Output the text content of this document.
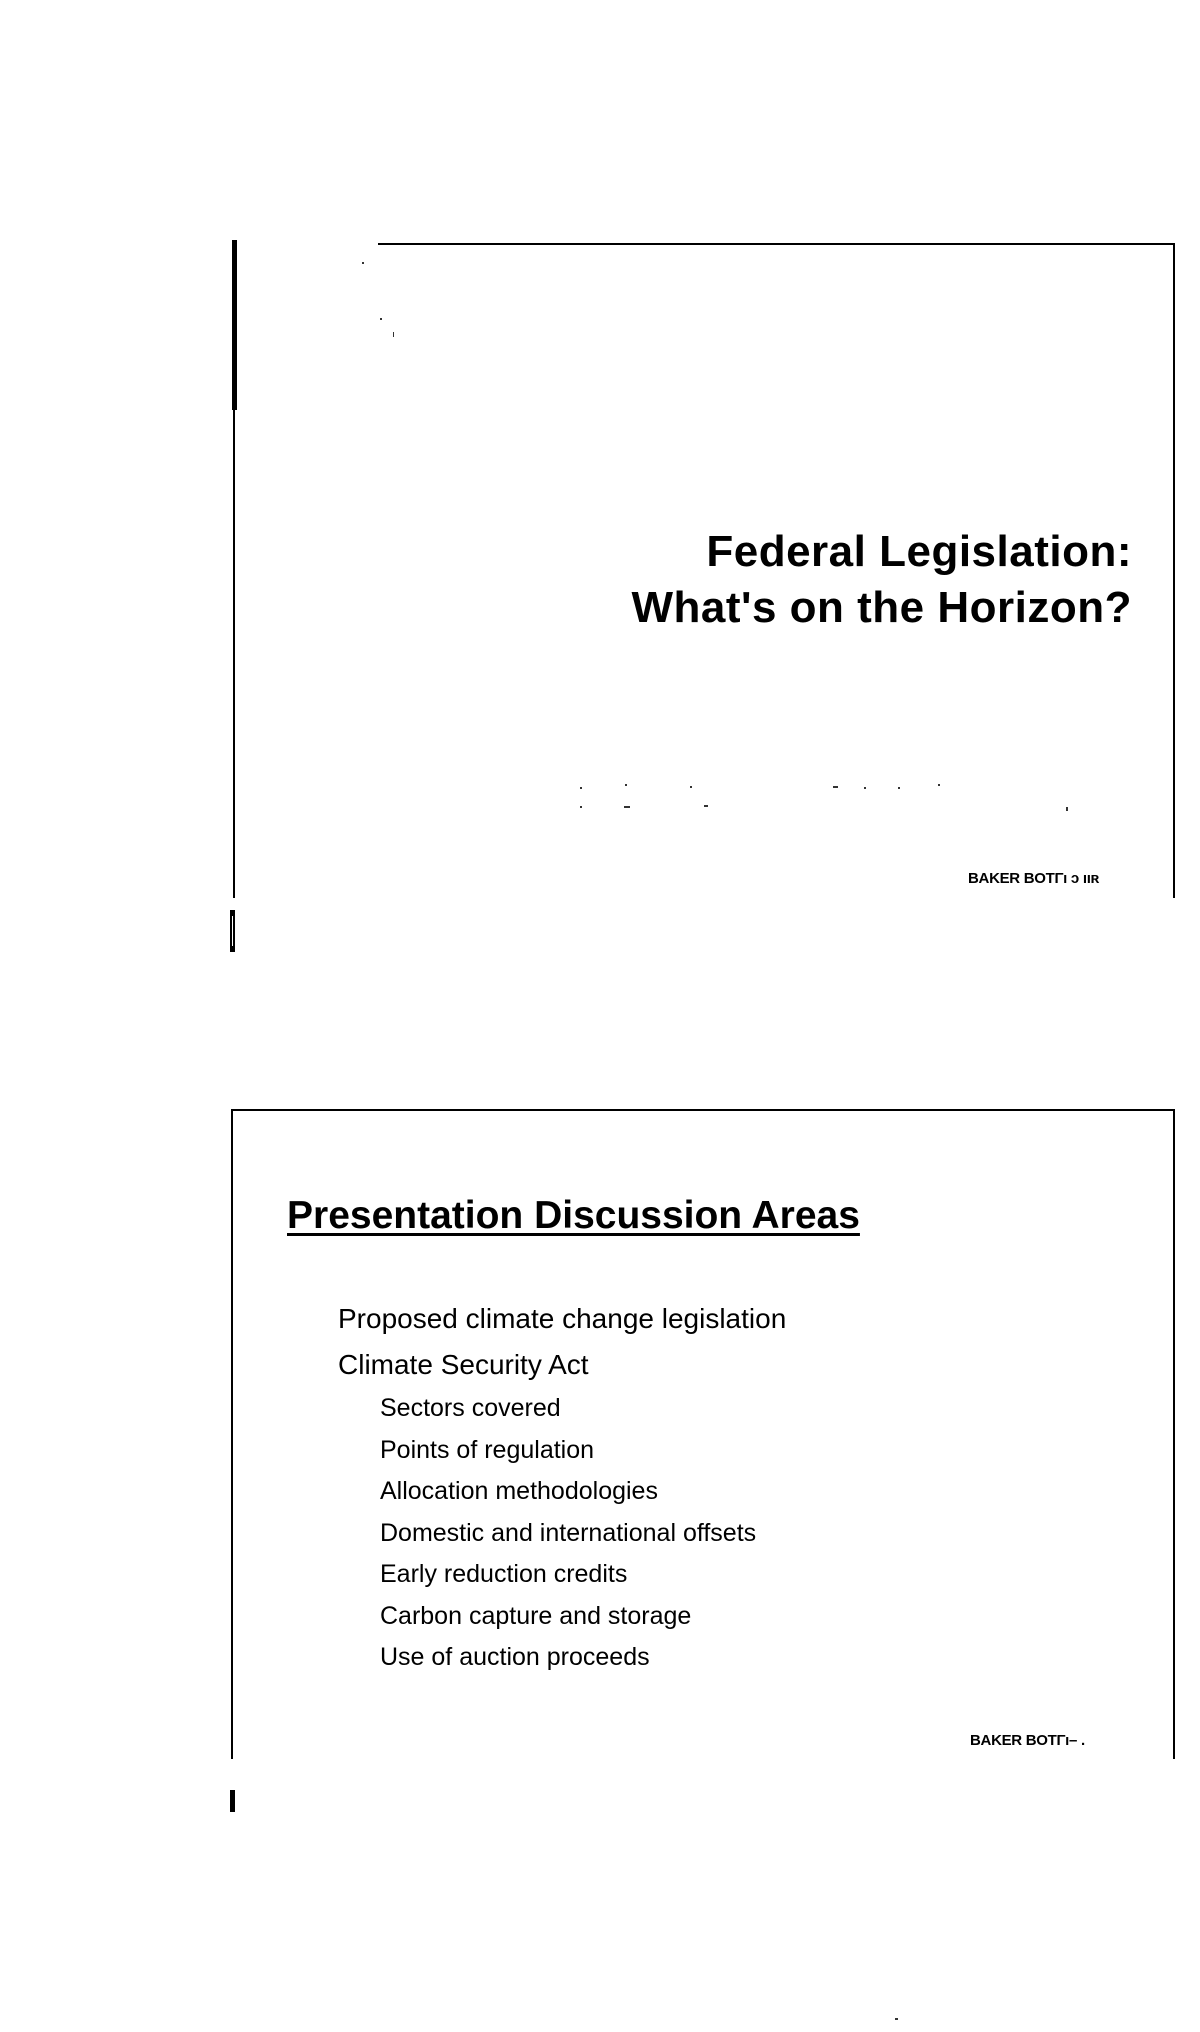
Federal Legislation:
What's on the Horizon?
BAKER BOTΓı ɔ ııʀ
Presentation Discussion Areas
Proposed climate change legislation
Climate Security Act
Sectors covered
Points of regulation
Allocation methodologies
Domestic and international offsets
Early reduction credits
Carbon capture and storage
Use of auction proceeds
BAKER BOTΓı– .
